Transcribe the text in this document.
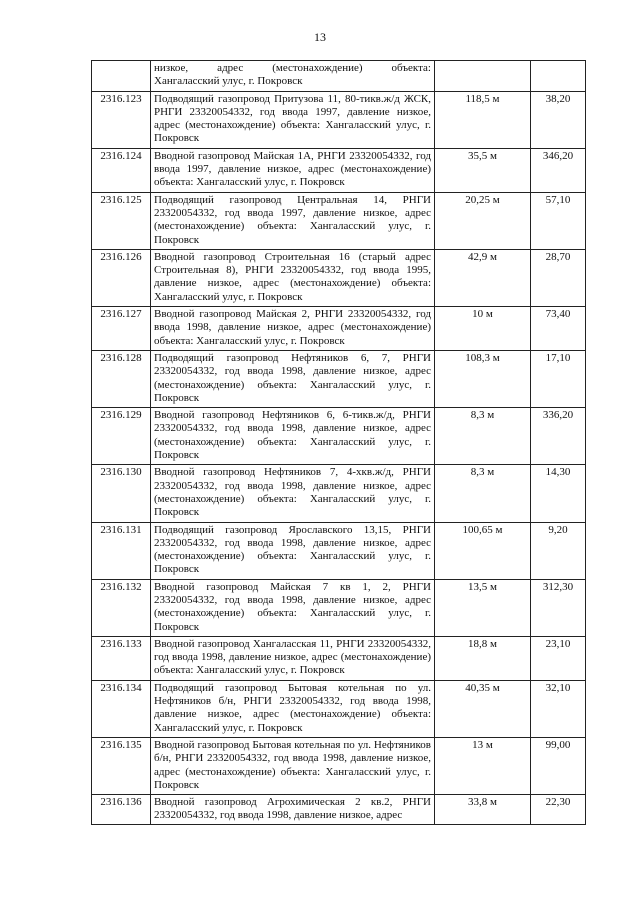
13

	низкое, адрес (местонахождение) объекта:
Хангаласский улус, г. Покровск		

2316.123	Подводящий газопровод Притузова 11, 80-тикв.ж/д ЖСК, РНГИ 23320054332, год ввода 1997, давление низкое, адрес (местонахождение) объекта: Хангаласский улус, г. Покровск	118,5 м	38,20
2316.124	Вводной газопровод Майская 1А, РНГИ 23320054332, год ввода 1997, давление низкое, адрес (местонахождение) объекта: Хангаласский улус, г. Покровск	35,5 м	346,20
2316.125	Подводящий газопровод Центральная 14, РНГИ 23320054332, год ввода 1997, давление низкое, адрес (местонахождение) объекта: Хангаласский улус, г. Покровск	20,25 м	57,10
2316.126	Вводной газопровод Строительная 16 (старый адрес Строительная 8), РНГИ 23320054332, год ввода 1995, давление низкое, адрес (местонахождение) объекта: Хангаласский улус, г. Покровск	42,9 м	28,70
2316.127	Вводной газопровод Майская 2, РНГИ 23320054332, год ввода 1998, давление низкое, адрес (местонахождение) объекта: Хангаласский улус, г. Покровск	10 м	73,40
2316.128	Подводящий газопровод Нефтяников 6, 7, РНГИ 23320054332, год ввода 1998, давление низкое, адрес (местонахождение) объекта: Хангаласский улус, г. Покровск	108,3 м	17,10
2316.129	Вводной газопровод Нефтяников 6, 6-тикв.ж/д, РНГИ 23320054332, год ввода 1998, давление низкое, адрес (местонахождение) объекта: Хангаласский улус, г. Покровск	8,3 м	336,20
2316.130	Вводной газопровод Нефтяников 7, 4-хкв.ж/д, РНГИ 23320054332, год ввода 1998, давление низкое, адрес (местонахождение) объекта: Хангаласский улус, г. Покровск	8,3 м	14,30
2316.131	Подводящий газопровод Ярославского 13,15, РНГИ 23320054332, год ввода 1998, давление низкое, адрес (местонахождение) объекта: Хангаласский улус, г. Покровск	100,65 м	9,20
2316.132	Вводной газопровод Майская 7 кв 1, 2, РНГИ 23320054332, год ввода 1998, давление низкое, адрес (местонахождение) объекта: Хангаласский улус, г. Покровск	13,5 м	312,30
2316.133	Вводной газопровод Хангаласская 11, РНГИ 23320054332, год ввода 1998, давление низкое, адрес (местонахождение) объекта: Хангаласский улус, г. Покровск	18,8 м	23,10
2316.134	Подводящий газопровод Бытовая котельная по ул. Нефтяников б/н, РНГИ 23320054332, год ввода 1998, давление низкое, адрес (местонахождение) объекта: Хангаласский улус, г. Покровск	40,35 м	32,10
2316.135	Вводной газопровод Бытовая котельная по ул. Нефтяников б/н, РНГИ 23320054332, год ввода 1998, давление низкое, адрес (местонахождение) объекта: Хангаласский улус, г. Покровск	13 м	99,00
2316.136	Вводной газопровод Агрохимическая 2 кв.2, РНГИ 23320054332, год ввода 1998, давление низкое, адрес	33,8 м	22,30
